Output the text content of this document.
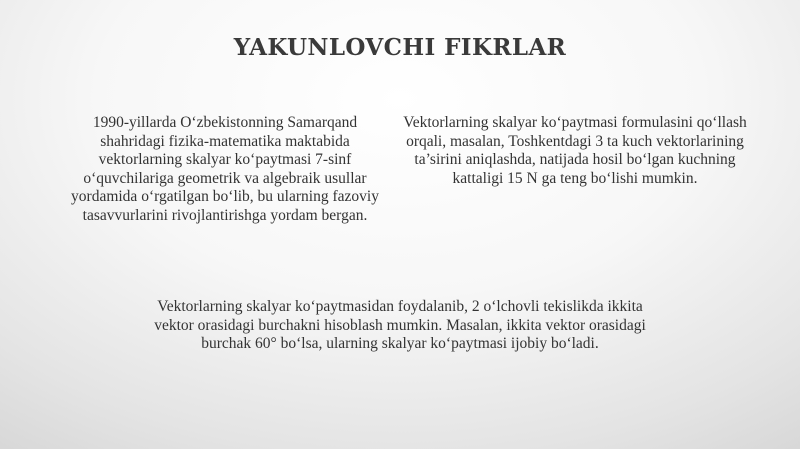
YAKUNLOVCHI FIKRLAR

1990-yillarda O‘zbekistonning Samarqand shahridagi fizika-matematika maktabida vektorlarning skalyar ko‘paytmasi 7-sinf o‘quvchilariga geometrik va algebraik usullar yordamida o‘rgatilgan bo‘lib, bu ularning fazoviy tasavvurlarini rivojlantirishga yordam bergan.

Vektorlarning skalyar ko‘paytmasi formulasini qo‘llash orqali, masalan, Toshkentdagi 3 ta kuch vektorlarining ta’sirini aniqlashda, natijada hosil bo‘lgan kuchning kattaligi 15 N ga teng bo‘lishi mumkin.

Vektorlarning skalyar ko‘paytmasidan foydalanib, 2 o‘lchovli tekislikda ikkita vektor orasidagi burchakni hisoblash mumkin. Masalan, ikkita vektor orasidagi burchak 60° bo‘lsa, ularning skalyar ko‘paytmasi ijobiy bo‘ladi.
